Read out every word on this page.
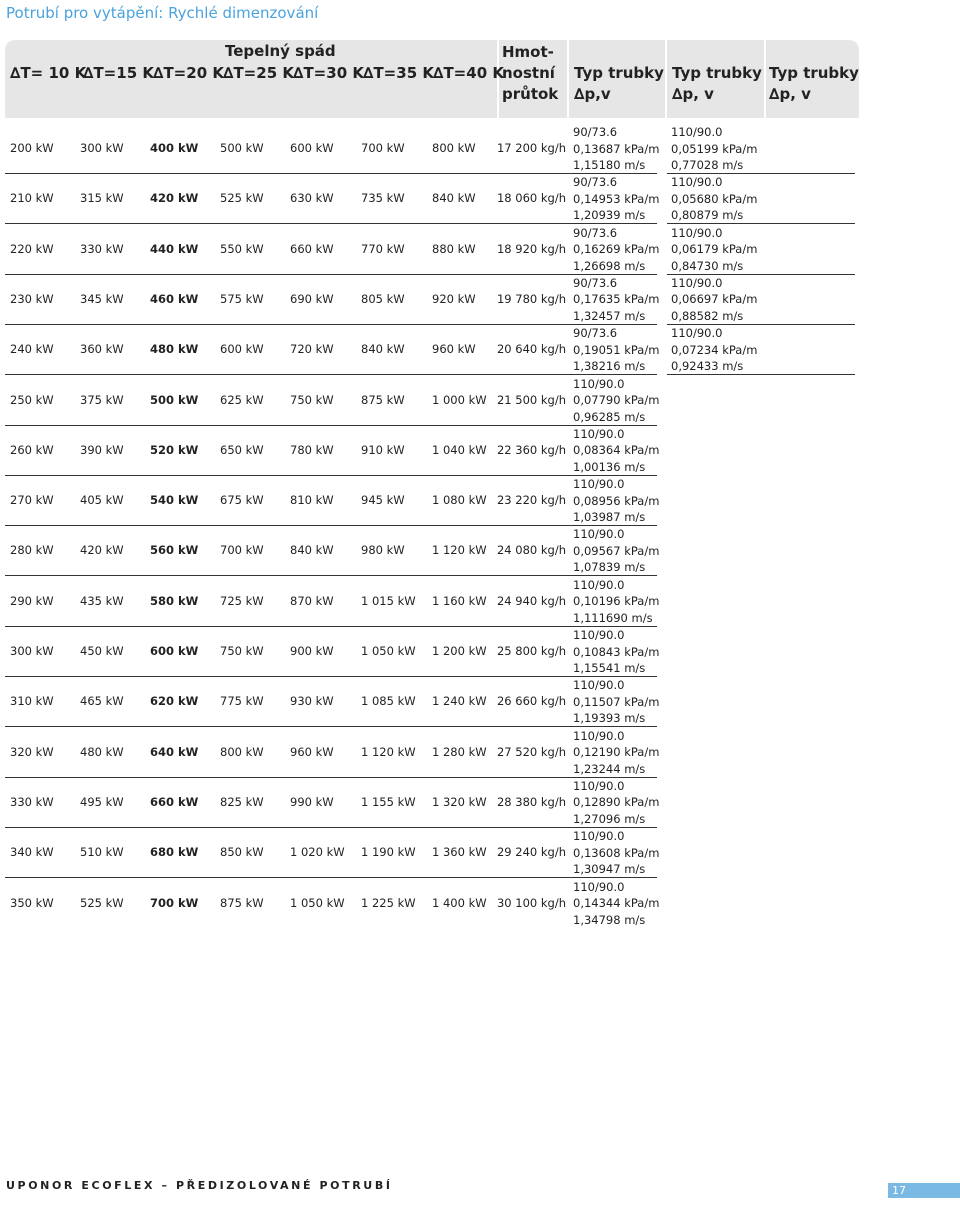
Potrubí pro vytápění: Rychlé dimenzování
Tepelný spád
∆T= 10 K
∆T=15 K ∆T=20 K ∆T=25 K ∆T=30 K ∆T=35 K ∆T=40 K
Hmot-
nostní
průtok
Typ trubky
∆p,v
Typ trubky
∆p, v
Typ trubky
∆p, v
200 kW 300 kW 400 kW 500 kW 600 kW 700 kW 800 kW	17 200 kg/h
90/73.6
0,13687 kPa/m
1,15180 m/s
110/90.0
0,05199 kPa/m
0,77028 m/s
210 kW 315 kW 420 kW 525 kW 630 kW 735 kW 840 kW	18 060 kg/h
90/73.6
0,14953 kPa/m
1,20939 m/s
110/90.0
0,05680 kPa/m
0,80879 m/s
220 kW 330 kW 440 kW 550 kW 660 kW 770 kW 880 kW	18 920 kg/h
90/73.6
0,16269 kPa/m
1,26698 m/s
110/90.0
0,06179 kPa/m
0,84730 m/s
230 kW 345 kW 460 kW 575 kW 690 kW 805 kW 920 kW	19 780 kg/h
90/73.6
0,17635 kPa/m
1,32457 m/s
110/90.0
0,06697 kPa/m
0,88582 m/s
240 kW 360 kW 480 kW 600 kW 720 kW 840 kW 960 kW	20 640 kg/h
90/73.6
0,19051 kPa/m
1,38216 m/s
110/90.0
0,07234 kPa/m
0,92433 m/s
250 kW 375 kW 500 kW 625 kW 750 kW 875 kW 1 000 kW 21 500 kg/h
110/90.0
0,07790 kPa/m
0,96285 m/s
260 kW 390 kW 520 kW 650 kW 780 kW 910 kW 1 040 kW 22 360 kg/h
110/90.0
0,08364 kPa/m
1,00136 m/s
270 kW 405 kW 540 kW 675 kW 810 kW 945 kW 1 080 kW 23 220 kg/h
110/90.0
0,08956 kPa/m
1,03987 m/s
280 kW 420 kW 560 kW 700 kW 840 kW 980 kW 1 120 kW 24 080 kg/h
110/90.0
0,09567 kPa/m
1,07839 m/s
290 kW 435 kW 580 kW 725 kW 870 kW 1 015 kW 1 160 kW 24 940 kg/h
110/90.0
0,10196 kPa/m
1,111690 m/s
300 kW 450 kW 600 kW 750 kW 900 kW 1 050 kW 1 200 kW 25 800 kg/h
110/90.0
0,10843 kPa/m
1,15541 m/s
310 kW 465 kW 620 kW 775 kW 930 kW 1 085 kW 1 240 kW 26 660 kg/h
110/90.0
0,11507 kPa/m
1,19393 m/s
320 kW 480 kW 640 kW 800 kW 960 kW 1 120 kW 1 280 kW 27 520 kg/h
110/90.0
0,12190 kPa/m
1,23244 m/s
330 kW 495 kW 660 kW 825 kW 990 kW 1 155 kW 1 320 kW 28 380 kg/h
110/90.0
0,12890 kPa/m
1,27096 m/s
340 kW 510 kW 680 kW 850 kW 1 020 kW 1 190 kW 1 360 kW 29 240 kg/h
110/90.0
0,13608 kPa/m
1,30947 m/s
350 kW 525 kW 700 kW 875 kW 1 050 kW 1 225 kW 1 400 kW 30 100 kg/h
110/90.0
0,14344 kPa/m
1,34798 m/s
UPONOR ECOFLEX – PŘEDIZOLOVANÉ POTRUBÍ	17
